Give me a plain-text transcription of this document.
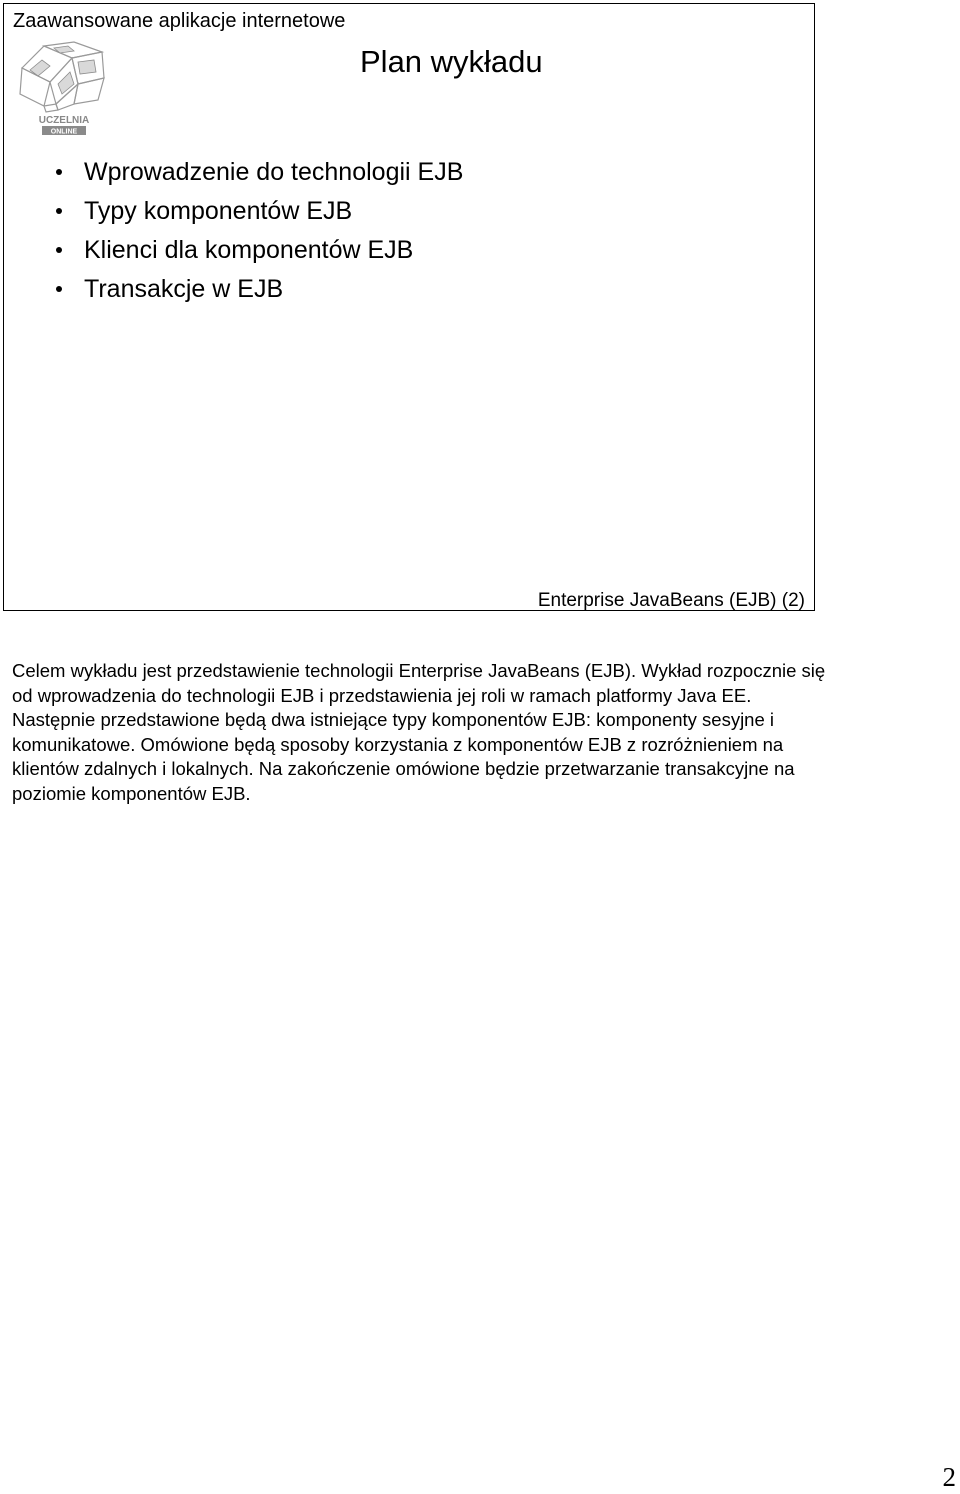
Zaawansowane aplikacje internetowe
UCZELNIA
ONLINE
Plan wykładu
Wprowadzenie do technologii EJB
Typy komponentów EJB
Klienci dla komponentów EJB
Transakcje w EJB
Enterprise JavaBeans (EJB) (2)

Celem wykładu jest przedstawienie technologii Enterprise JavaBeans (EJB). Wykład rozpocznie się od wprowadzenia do technologii EJB i przedstawienia jej roli w ramach platformy Java EE. Następnie przedstawione będą dwa istniejące typy komponentów EJB: komponenty sesyjne i komunikatowe. Omówione będą sposoby korzystania z komponentów EJB z rozróżnieniem na klientów zdalnych i lokalnych. Na zakończenie omówione będzie przetwarzanie transakcyjne na poziomie komponentów EJB.

2
